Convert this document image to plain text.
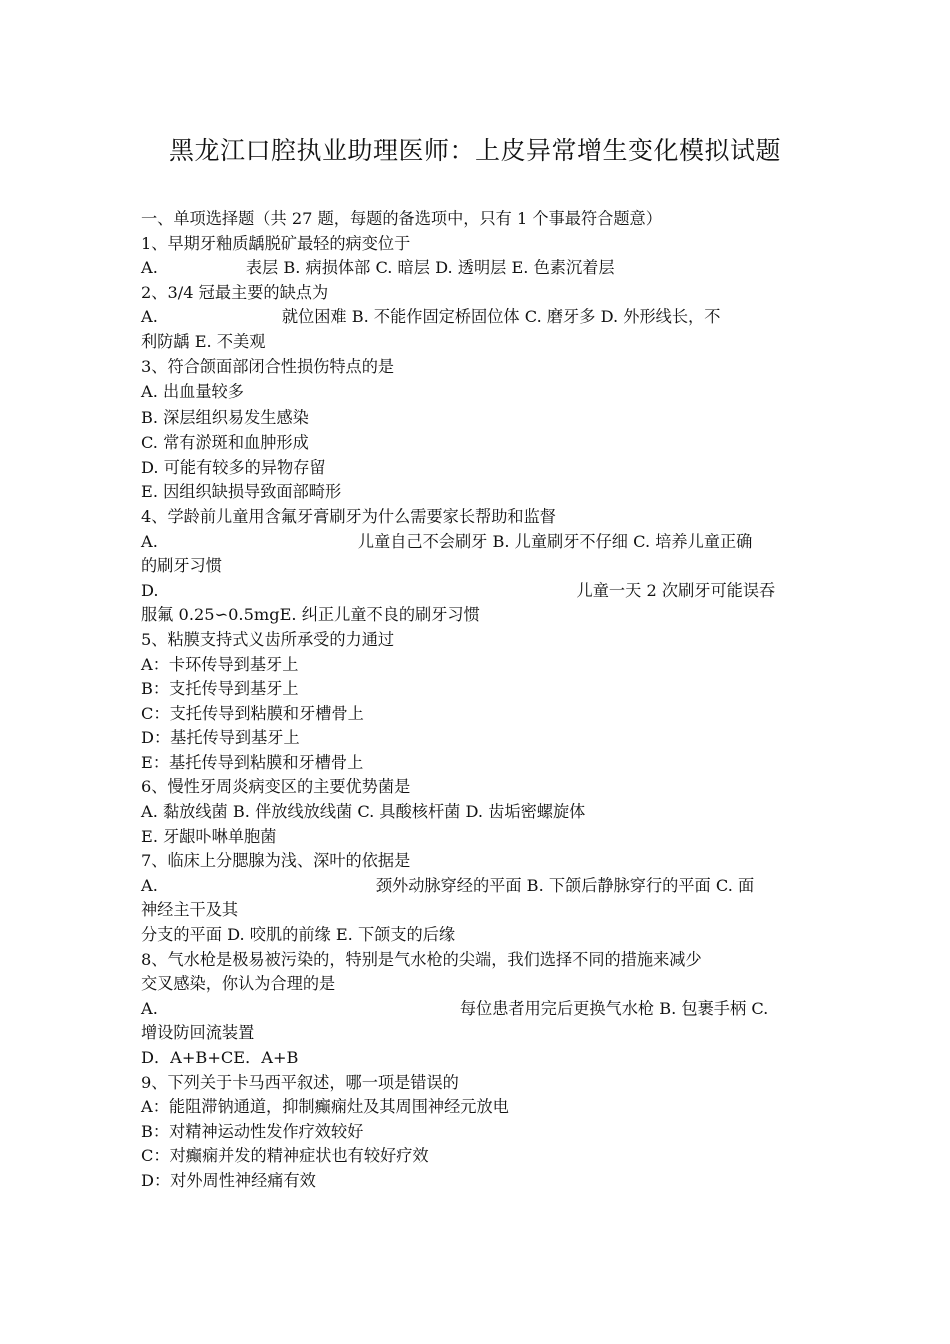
黑龙江口腔执业助理医师：上皮异常增生变化模拟试题
一、单项选择题（共 27 题，每题的备选项中，只有 1 个事最符合题意）
1、早期牙釉质龋脱矿最轻的病变位于
A.	表层 B. 病损体部 C. 暗层 D. 透明层 E. 色素沉着层
2、3/4 冠最主要的缺点为
A.	就位困难 B. 不能作固定桥固位体 C. 磨牙多 D. 外形线长，不
利防龋 E. 不美观
3、符合颌面部闭合性损伤特点的是
A. 出血量较多
B. 深层组织易发生感染
C. 常有淤斑和血肿形成
D. 可能有较多的异物存留
E. 因组织缺损导致面部畸形
4、学龄前儿童用含氟牙膏刷牙为什么需要家长帮助和监督
A.	儿童自己不会刷牙 B. 儿童刷牙不仔细 C. 培养儿童正确
的刷牙习惯
D.	儿童一天 2 次刷牙可能误吞
服氟 0.25∽0.5mgE. 纠正儿童不良的刷牙习惯
5、粘膜支持式义齿所承受的力通过
A：卡环传导到基牙上
B：支托传导到基牙上
C：支托传导到粘膜和牙槽骨上
D：基托传导到基牙上
E：基托传导到粘膜和牙槽骨上
6、慢性牙周炎病变区的主要优势菌是
A. 黏放线菌 B. 伴放线放线菌 C. 具酸核杆菌 D. 齿垢密螺旋体
E. 牙龈卟啉单胞菌
7、临床上分腮腺为浅、深叶的依据是
A.	颈外动脉穿经的平面 B. 下颌后静脉穿行的平面 C. 面
神经主干及其
分支的平面 D. 咬肌的前缘 E. 下颌支的后缘
8、气水枪是极易被污染的，特别是气水枪的尖端，我们选择不同的措施来减少
交叉感染，你认为合理的是
A.	每位患者用完后更换气水枪 B. 包裹手柄 C.
增设防回流装置
D．A+B+CE．A+B
9、下列关于卡马西平叙述，哪一项是错误的
A：能阻滞钠通道，抑制癫痫灶及其周围神经元放电
B：对精神运动性发作疗效较好
C：对癫痫并发的精神症状也有较好疗效
D：对外周性神经痛有效
